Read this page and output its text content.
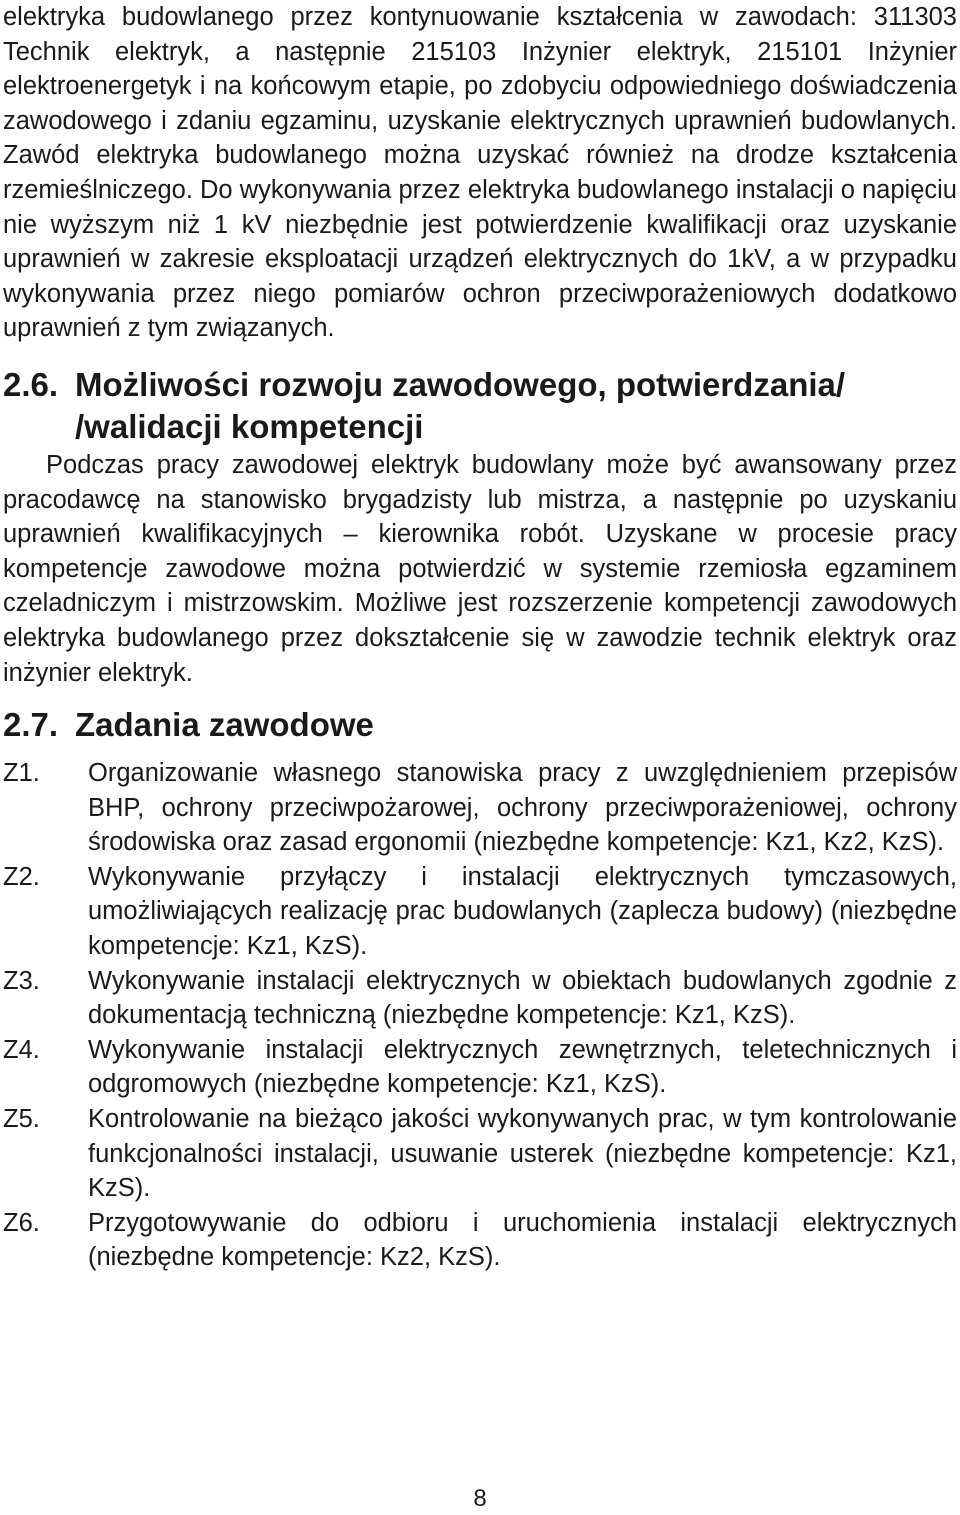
elektryka budowlanego przez kontynuowanie kształcenia w zawodach: 311303 Technik elektryk, a następnie 215103 Inżynier elektryk, 215101 Inżynier elektroenergetyk i na końcowym etapie, po zdobyciu odpowiedniego doświadczenia zawodowego i zdaniu egzaminu, uzyskanie elektrycznych uprawnień budowlanych. Zawód elektryka budowlanego można uzyskać również na drodze kształcenia rzemieślniczego. Do wykonywania przez elektryka budowlanego instalacji o napięciu nie wyższym niż 1 kV niezbędnie jest potwierdzenie kwalifikacji oraz uzyskanie uprawnień w zakresie eksploatacji urządzeń elektrycznych do 1kV, a w przypadku wykonywania przez niego pomiarów ochron przeciwporażeniowych dodatkowo uprawnień z tym związanych.

2.6. Możliwości rozwoju zawodowego, potwierdzania/
/walidacji kompetencji

Podczas pracy zawodowej elektryk budowlany może być awansowany przez pracodawcę na stanowisko brygadzisty lub mistrza, a następnie po uzyskaniu uprawnień kwalifikacyjnych – kierownika robót. Uzyskane w procesie pracy kompetencje zawodowe można potwierdzić w systemie rzemiosła egzaminem czeladniczym i mistrzowskim. Możliwe jest rozszerzenie kompetencji zawodowych elektryka budowlanego przez dokształcenie się w zawodzie technik elektryk oraz inżynier elektryk.

2.7. Zadania zawodowe
Z1.	Organizowanie własnego stanowiska pracy z uwzględnieniem przepisów BHP, ochrony przeciwpożarowej, ochrony przeciwporażeniowej, ochrony środowiska oraz zasad ergonomii (niezbędne kompetencje: Kz1, Kz2, KzS).
Z2.	Wykonywanie przyłączy i instalacji elektrycznych tymczasowych, umożliwiających realizację prac budowlanych (zaplecza budowy) (niezbędne kompetencje: Kz1, KzS).
Z3.	Wykonywanie instalacji elektrycznych w obiektach budowlanych zgodnie z dokumentacją techniczną (niezbędne kompetencje: Kz1, KzS).
Z4.	Wykonywanie instalacji elektrycznych zewnętrznych, teletechnicznych i odgromowych (niezbędne kompetencje: Kz1, KzS).
Z5.	Kontrolowanie na bieżąco jakości wykonywanych prac, w tym kontrolowanie funkcjonalności instalacji, usuwanie usterek (niezbędne kompetencje: Kz1, KzS).
Z6.	Przygotowywanie do odbioru i uruchomienia instalacji elektrycznych (niezbędne kompetencje: Kz2, KzS).
8
